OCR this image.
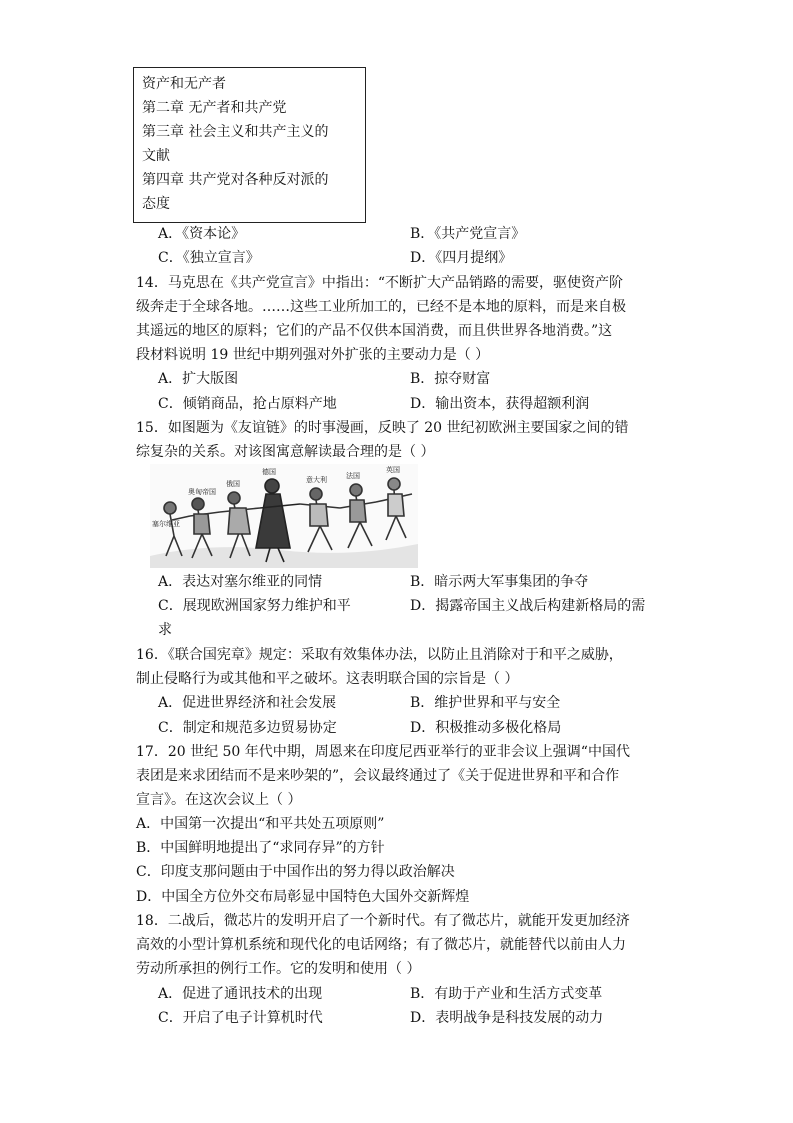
资产和无产者
第二章 无产者和共产党
第三章 社会主义和共产主义的
文献
第四章 共产党对各种反对派的
态度
A．《资本论》	B．《共产党宣言》
C．《独立宣言》	D．《四月提纲》
14．马克思在《共产党宣言》中指出：“不断扩大产品销路的需要，驱使资产阶
级奔走于全球各地。……这些工业所加工的，已经不是本地的原料，而是来自极
其遥远的地区的原料；它们的产品不仅供本国消费，而且供世界各地消费。”这
段材料说明 19 世纪中期列强对外扩张的主要动力是（ ）
A．扩大版图	B．掠夺财富
C．倾销商品，抢占原料产地	D．输出资本，获得超额利润
15．如图题为《友谊链》的时事漫画，反映了 20 世纪初欧洲主要国家之间的错
综复杂的关系。对该图寓意解读最合理的是（ ）
德国	法国
英国
意大利
俄国
奥匈帝国
塞尔维亚
A．表达对塞尔维亚的同情	B．暗示两大军事集团的争夺
C．展现欧洲国家努力维护和平	D．揭露帝国主义战后构建新格局的需
求
16．《联合国宪章》规定：采取有效集体办法，以防止且消除对于和平之威胁，
制止侵略行为或其他和平之破坏。这表明联合国的宗旨是（ ）
A．促进世界经济和社会发展	B．维护世界和平与安全
C．制定和规范多边贸易协定	D．积极推动多极化格局
17．20 世纪 50 年代中期，周恩来在印度尼西亚举行的亚非会议上强调“中国代
表团是来求团结而不是来吵架的”，会议最终通过了《关于促进世界和平和合作
宣言》。在这次会议上（ ）
A．中国第一次提出“和平共处五项原则”
B．中国鲜明地提出了“求同存异”的方针
C．印度支那问题由于中国作出的努力得以政治解决
D．中国全方位外交布局彰显中国特色大国外交新辉煌
18．二战后，微芯片的发明开启了一个新时代。有了微芯片，就能开发更加经济
高效的小型计算机系统和现代化的电话网络；有了微芯片，就能替代以前由人力
劳动所承担的例行工作。它的发明和使用（ ）
A．促进了通讯技术的出现	B．有助于产业和生活方式变革
C．开启了电子计算机时代	D．表明战争是科技发展的动力
